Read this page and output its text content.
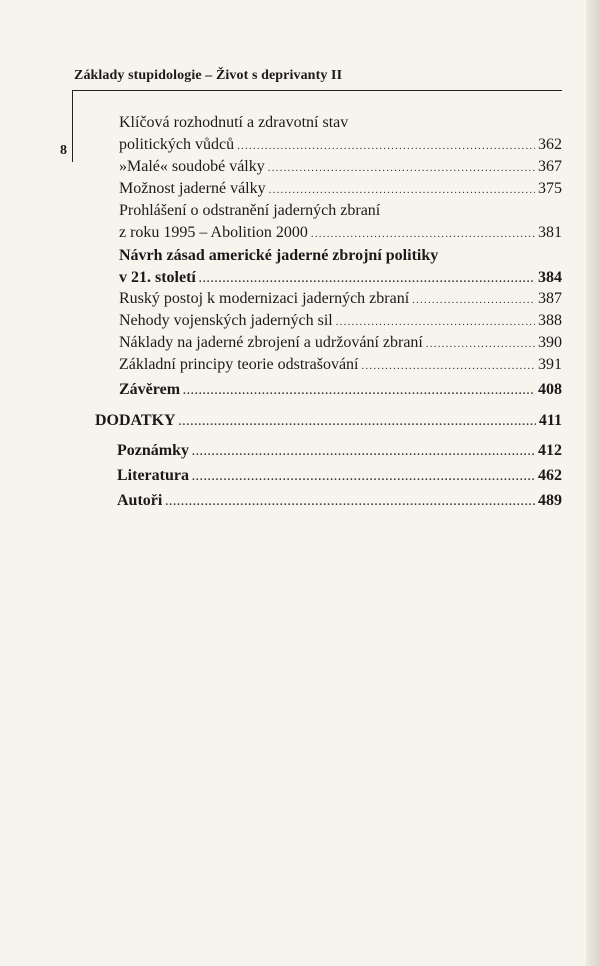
Základy stupidologie – Život s deprivanty II
8
Klíčová rozhodnutí a zdravotní stav
politických vůdců .....	362
»Malé« soudobé války .....	367
Možnost jaderné války .....	375
Prohlášení o odstranění jaderných zbraní
z roku 1995 – Abolition 2000 .....	381
Návrh zásad americké jaderné zbrojní politiky
v 21. století .....	384
Ruský postoj k modernizaci jaderných zbraní .....	387
Nehody vojenských jaderných sil .....	388
Náklady na jaderné zbrojení a udržování zbraní .....	390
Základní principy teorie odstrašování .....	391
Závěrem .....	408
DODATKY .....	411
Poznámky .....	412
Literatura .....	462
Autoři .....	489
